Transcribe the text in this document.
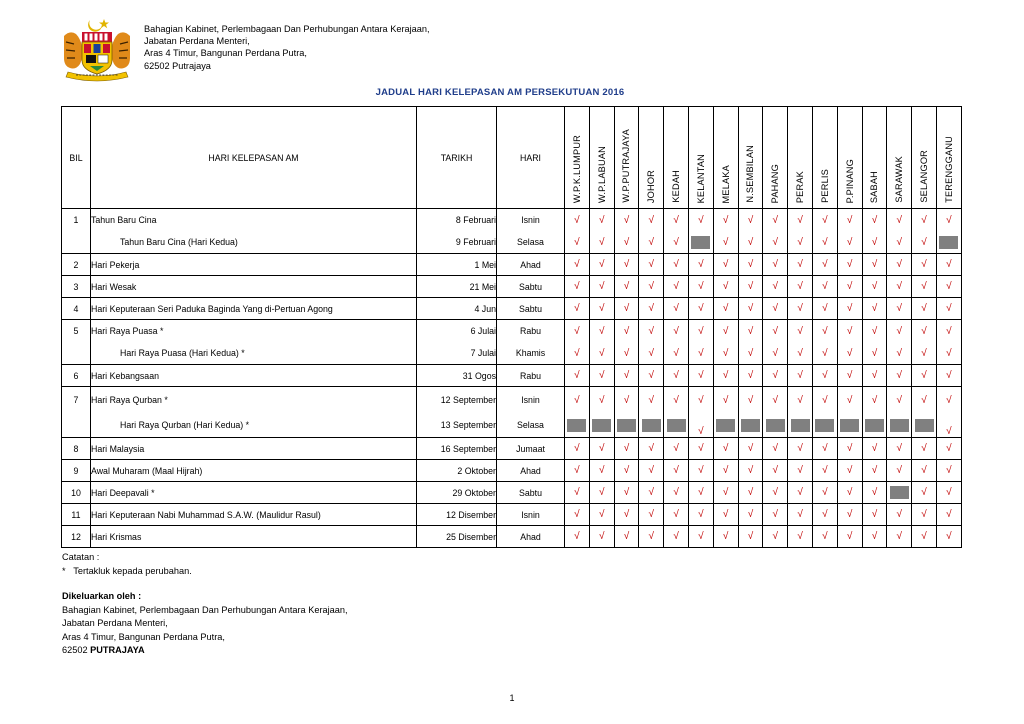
Bahagian Kabinet, Perlembagaan Dan Perhubungan Antara Kerajaan,
Jabatan Perdana Menteri,
Aras 4 Timur, Bangunan Perdana Putra,
62502 Putrajaya
JADUAL HARI KELEPASAN AM PERSEKUTUAN 2016
BIL	HARI KELEPASAN AM	TARIKH	HARI	W.P.K.LUMPUR	W.P.LABUAN	W.P.PUTRAJAYA	JOHOR	KEDAH	KELANTAN	MELAKA	N.SEMBILAN	PAHANG	PERAK	PERLIS	P.PINANG	SABAH	SARAWAK	SELANGOR	TERENGGANU
1	Tahun Baru Cina	8 Februari	Isnin	√	√	√	√	√	√	√	√	√	√	√	√	√	√	√	√
	Tahun Baru Cina (Hari Kedua)	9 Februari	Selasa	√	√	√	√	√		√	√	√	√	√	√	√	√	√	
2	Hari Pekerja	1 Mei	Ahad	√	√	√	√	√	√	√	√	√	√	√	√	√	√	√	√
3	Hari Wesak	21 Mei	Sabtu	√	√	√	√	√	√	√	√	√	√	√	√	√	√	√	√
4	Hari Keputeraan Seri Paduka Baginda Yang di-Pertuan Agong	4 Jun	Sabtu	√	√	√	√	√	√	√	√	√	√	√	√	√	√	√	√
5	Hari Raya Puasa *	6 Julai	Rabu	√	√	√	√	√	√	√	√	√	√	√	√	√	√	√	√
	Hari Raya Puasa (Hari Kedua) *	7 Julai	Khamis	√	√	√	√	√	√	√	√	√	√	√	√	√	√	√	√
6	Hari Kebangsaan	31 Ogos	Rabu	√	√	√	√	√	√	√	√	√	√	√	√	√	√	√	√
7	Hari Raya Qurban *	12 September	Isnin	√	√	√	√	√	√	√	√	√	√	√	√	√	√	√	√
	Hari Raya Qurban (Hari Kedua) *	13 September	Selasa						√										√
8	Hari Malaysia	16 September	Jumaat	√	√	√	√	√	√	√	√	√	√	√	√	√	√	√	√
9	Awal Muharam (Maal Hijrah)	2 Oktober	Ahad	√	√	√	√	√	√	√	√	√	√	√	√	√	√	√	√
10	Hari Deepavali *	29 Oktober	Sabtu	√	√	√	√	√	√	√	√	√	√	√	√	√		√	√
11	Hari Keputeraan Nabi Muhammad S.A.W. (Maulidur Rasul)	12 Disember	Isnin	√	√	√	√	√	√	√	√	√	√	√	√	√	√	√	√
12	Hari Krismas	25 Disember	Ahad	√	√	√	√	√	√	√	√	√	√	√	√	√	√	√	√
Catatan :
* Tertakluk kepada perubahan.
Dikeluarkan oleh :
Bahagian Kabinet, Perlembagaan Dan Perhubungan Antara Kerajaan,
Jabatan Perdana Menteri,
Aras 4 Timur, Bangunan Perdana Putra,
62502 PUTRAJAYA
1
